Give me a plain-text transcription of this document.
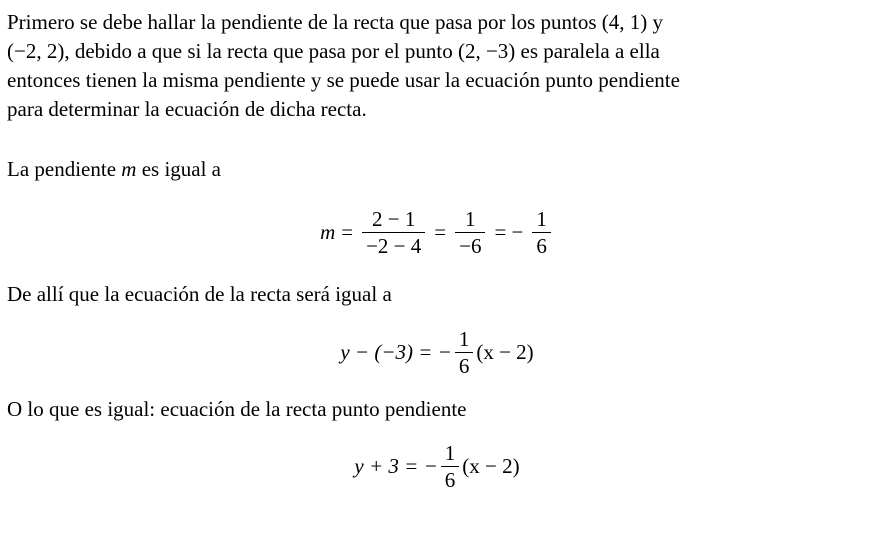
Primero se debe hallar la pendiente de la recta que pasa por los puntos (4, 1) y
(−2, 2), debido a que si la recta que pasa por el punto (2, −3) es paralela a ella
entonces tienen la misma pendiente y se puede usar la ecuación punto pendiente
para determinar la ecuación de dicha recta.

La pendiente m es igual a

$m = \frac{2 - 1}{-2 - 4} = \frac{1}{-6}$ = − $\frac{1}{6}$

De allí que la ecuación de la recta será igual a

y − (−3) = − $\frac{1}{6} (x - 2)$

O lo que es igual: ecuación de la recta punto pendiente

y + 3 = − $\frac{1}{6} (x - 2)$
